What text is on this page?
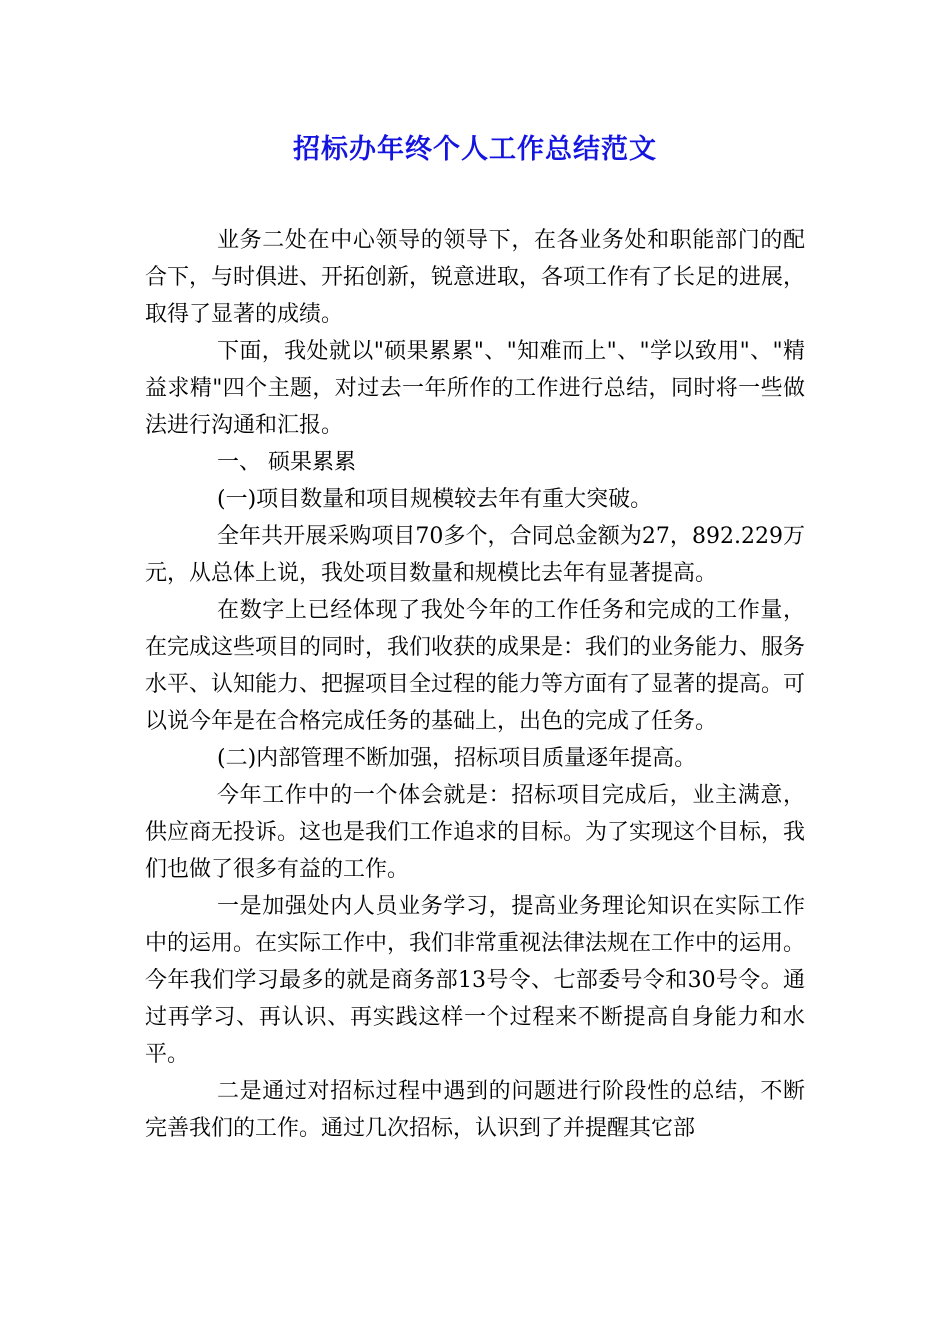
招标办年终个人工作总结范文

业务二处在中心领导的领导下，在各业务处和职能部门的配合下，与时俱进、开拓创新，锐意进取，各项工作有了长足的进展，取得了显著的成绩。

下面，我处就以"硕果累累"、"知难而上"、"学以致用"、"精益求精"四个主题，对过去一年所作的工作进行总结，同时将一些做法进行沟通和汇报。

一、 硕果累累

(一)项目数量和项目规模较去年有重大突破。

全年共开展采购项目70多个，合同总金额为27，892.229万元，从总体上说，我处项目数量和规模比去年有显著提高。

在数字上已经体现了我处今年的工作任务和完成的工作量，在完成这些项目的同时，我们收获的成果是：我们的业务能力、服务水平、认知能力、把握项目全过程的能力等方面有了显著的提高。可以说今年是在合格完成任务的基础上，出色的完成了任务。

(二)内部管理不断加强，招标项目质量逐年提高。

今年工作中的一个体会就是：招标项目完成后，业主满意，供应商无投诉。这也是我们工作追求的目标。为了实现这个目标，我们也做了很多有益的工作。

一是加强处内人员业务学习，提高业务理论知识在实际工作中的运用。在实际工作中，我们非常重视法律法规在工作中的运用。今年我们学习最多的就是商务部13号令、七部委号令和30号令。通过再学习、再认识、再实践这样一个过程来不断提高自身能力和水平。

二是通过对招标过程中遇到的问题进行阶段性的总结，不断完善我们的工作。通过几次招标，认识到了并提醒其它部
